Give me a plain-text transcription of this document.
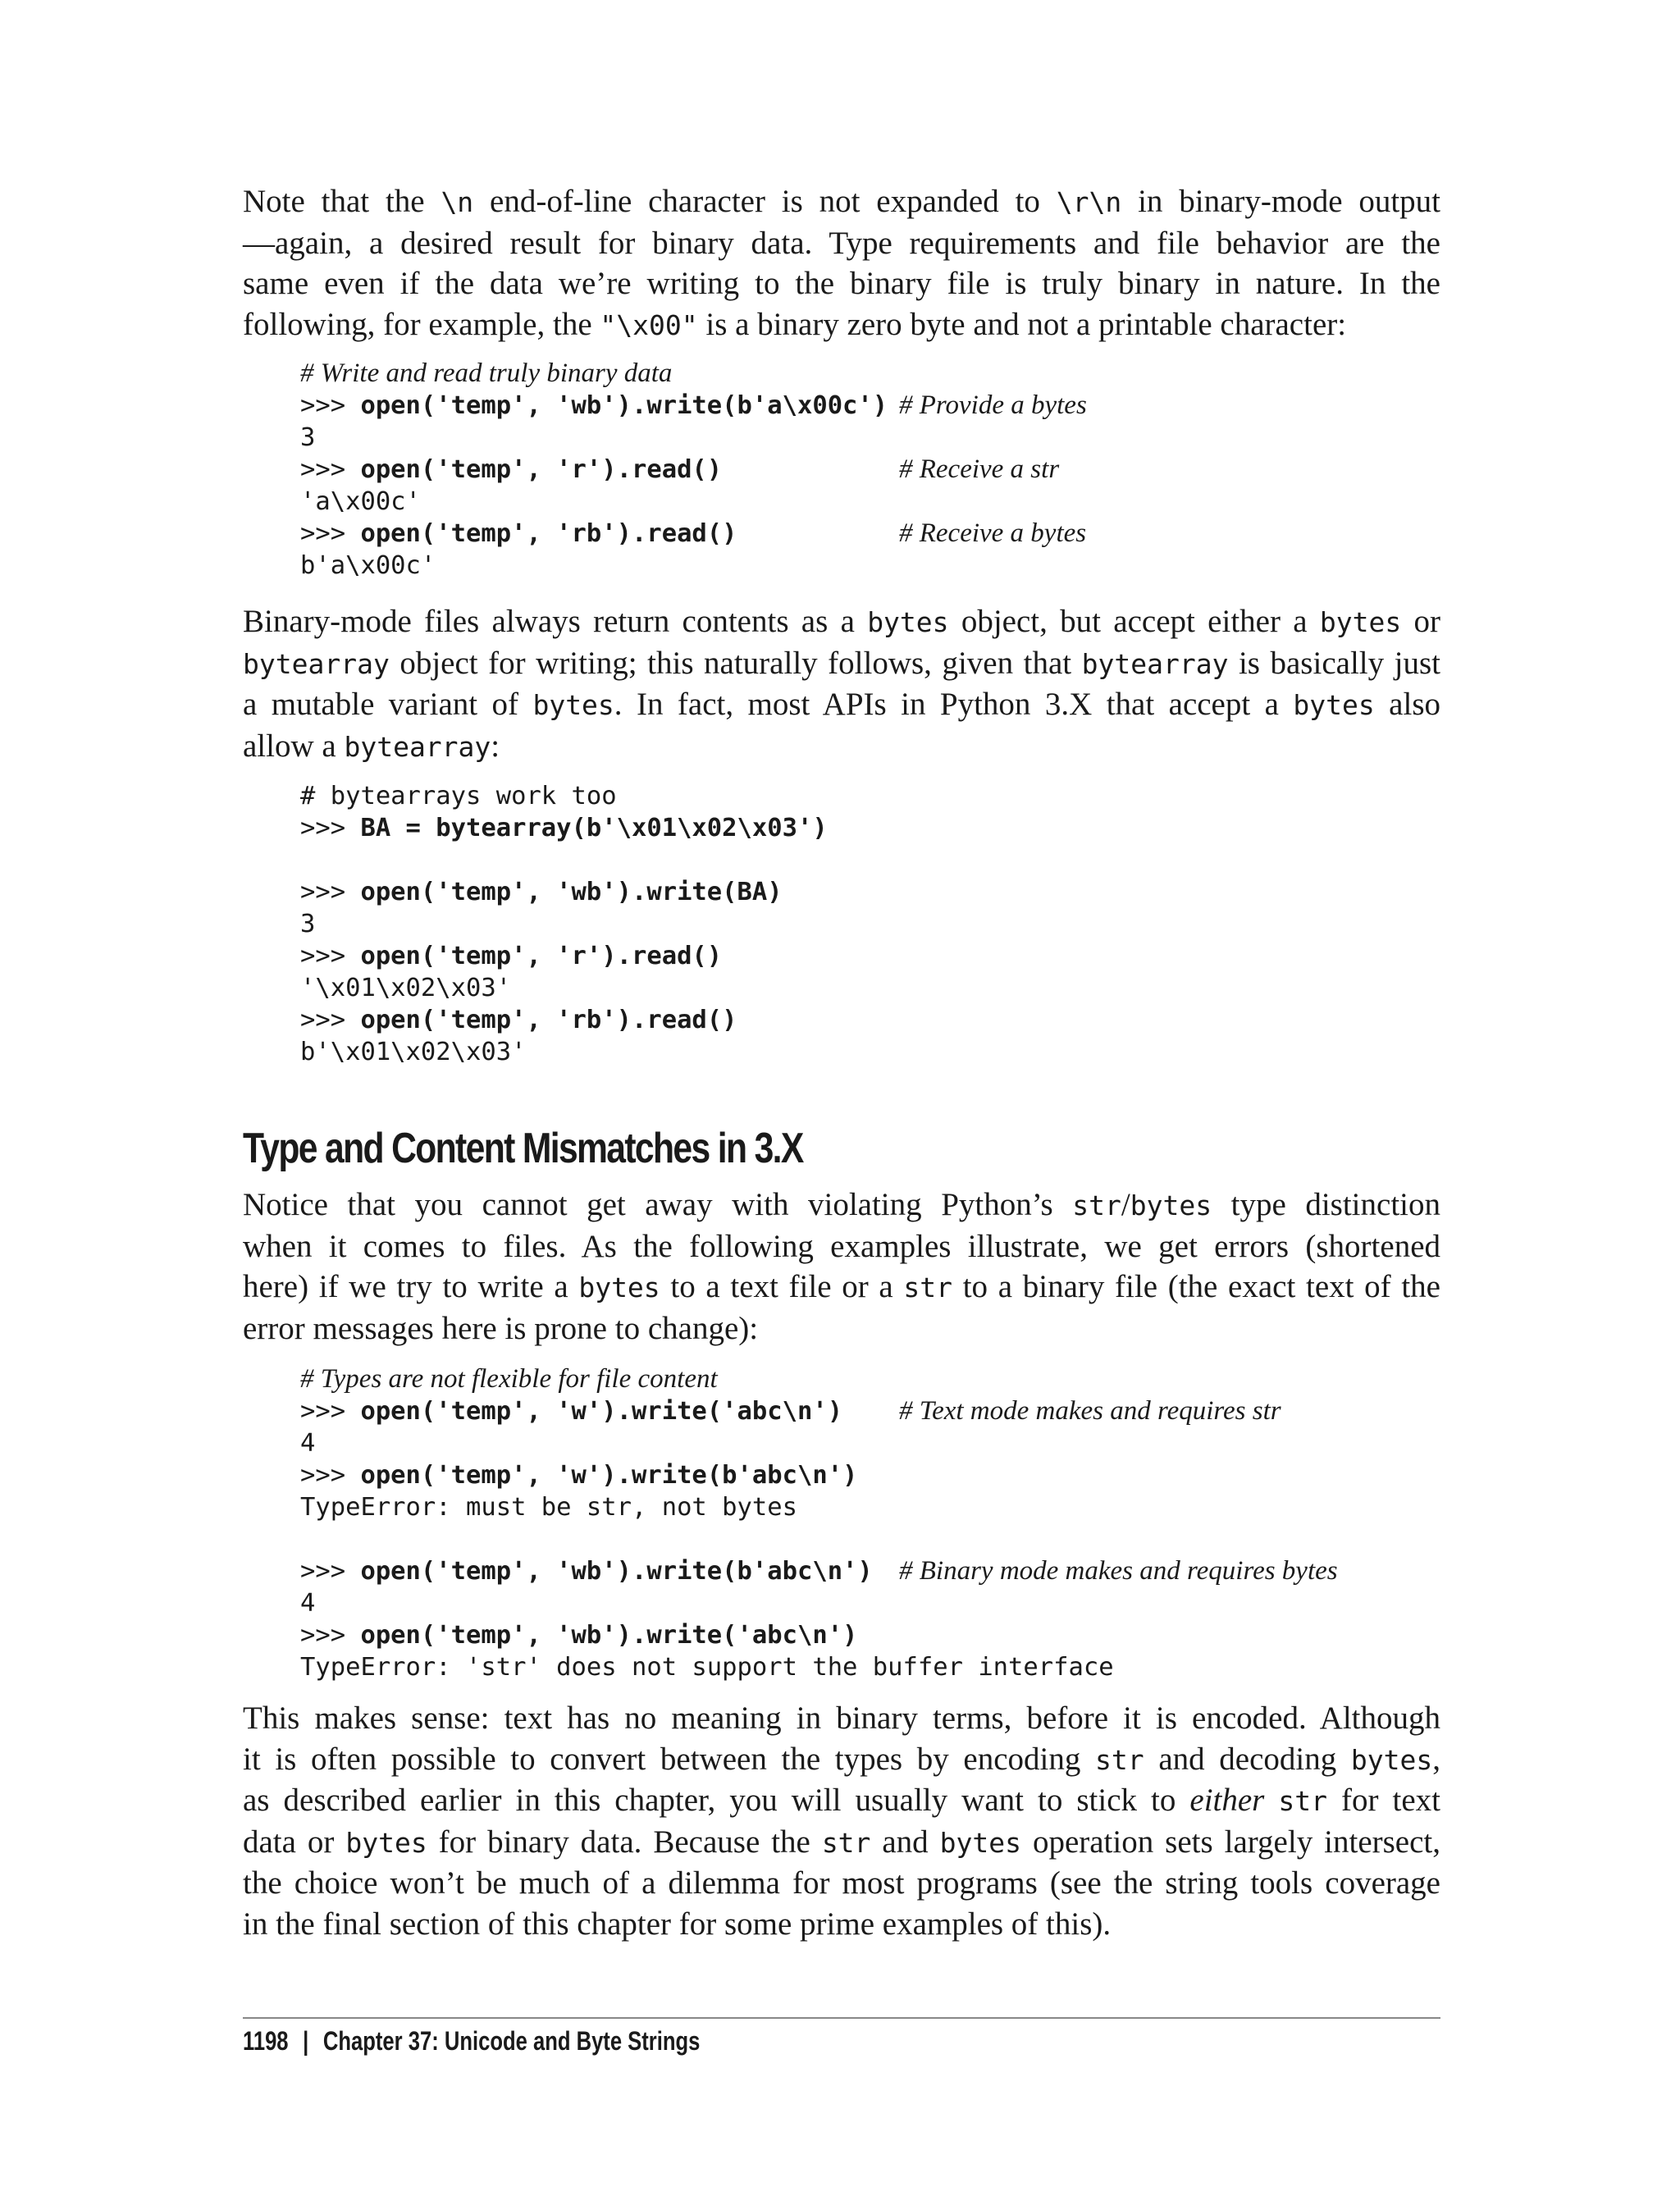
Note that the \n end-of-line character is not expanded to \r\n in binary-mode output
—again, a desired result for binary data. Type requirements and file behavior are the
same even if the data we’re writing to the binary file is truly binary in nature. In the
following, for example, the "\x00" is a binary zero byte and not a printable character:
# Write and read truly binary data
>>> open('temp', 'wb').write(b'a\x00c') # Provide a bytes
3
>>> open('temp', 'r').read()	# Receive a str
'a\x00c'
>>> open('temp', 'rb').read()	# Receive a bytes
b'a\x00c'
Binary-mode files always return contents as a bytes object, but accept either a bytes or
bytearray object for writing; this naturally follows, given that bytearray is basically just
a mutable variant of bytes. In fact, most APIs in Python 3.X that accept a bytes also
allow a bytearray:
# bytearrays work too
>>> BA = bytearray(b'\x01\x02\x03')
>>> open('temp', 'wb').write(BA)
3
>>> open('temp', 'r').read()
'\x01\x02\x03'
>>> open('temp', 'rb').read()
b'\x01\x02\x03'
Type and Content Mismatches in 3.X
Notice that you cannot get away with violating Python’s str/bytes type distinction
when it comes to files. As the following examples illustrate, we get errors (shortened
here) if we try to write a bytes to a text file or a str to a binary file (the exact text of the
error messages here is prone to change):
# Types are not flexible for file content
>>> open('temp', 'w').write('abc\n') # Text mode makes and requires str
4
>>> open('temp', 'w').write(b'abc\n')
TypeError: must be str, not bytes
>>> open('temp', 'wb').write(b'abc\n') # Binary mode makes and requires bytes
4
>>> open('temp', 'wb').write('abc\n')
TypeError: 'str' does not support the buffer interface
This makes sense: text has no meaning in binary terms, before it is encoded. Although
it is often possible to convert between the types by encoding str and decoding bytes,
as described earlier in this chapter, you will usually want to stick to either str for text
data or bytes for binary data. Because the str and bytes operation sets largely intersect,
the choice won’t be much of a dilemma for most programs (see the string tools coverage
in the final section of this chapter for some prime examples of this).
1198 | Chapter 37: Unicode and Byte Strings
